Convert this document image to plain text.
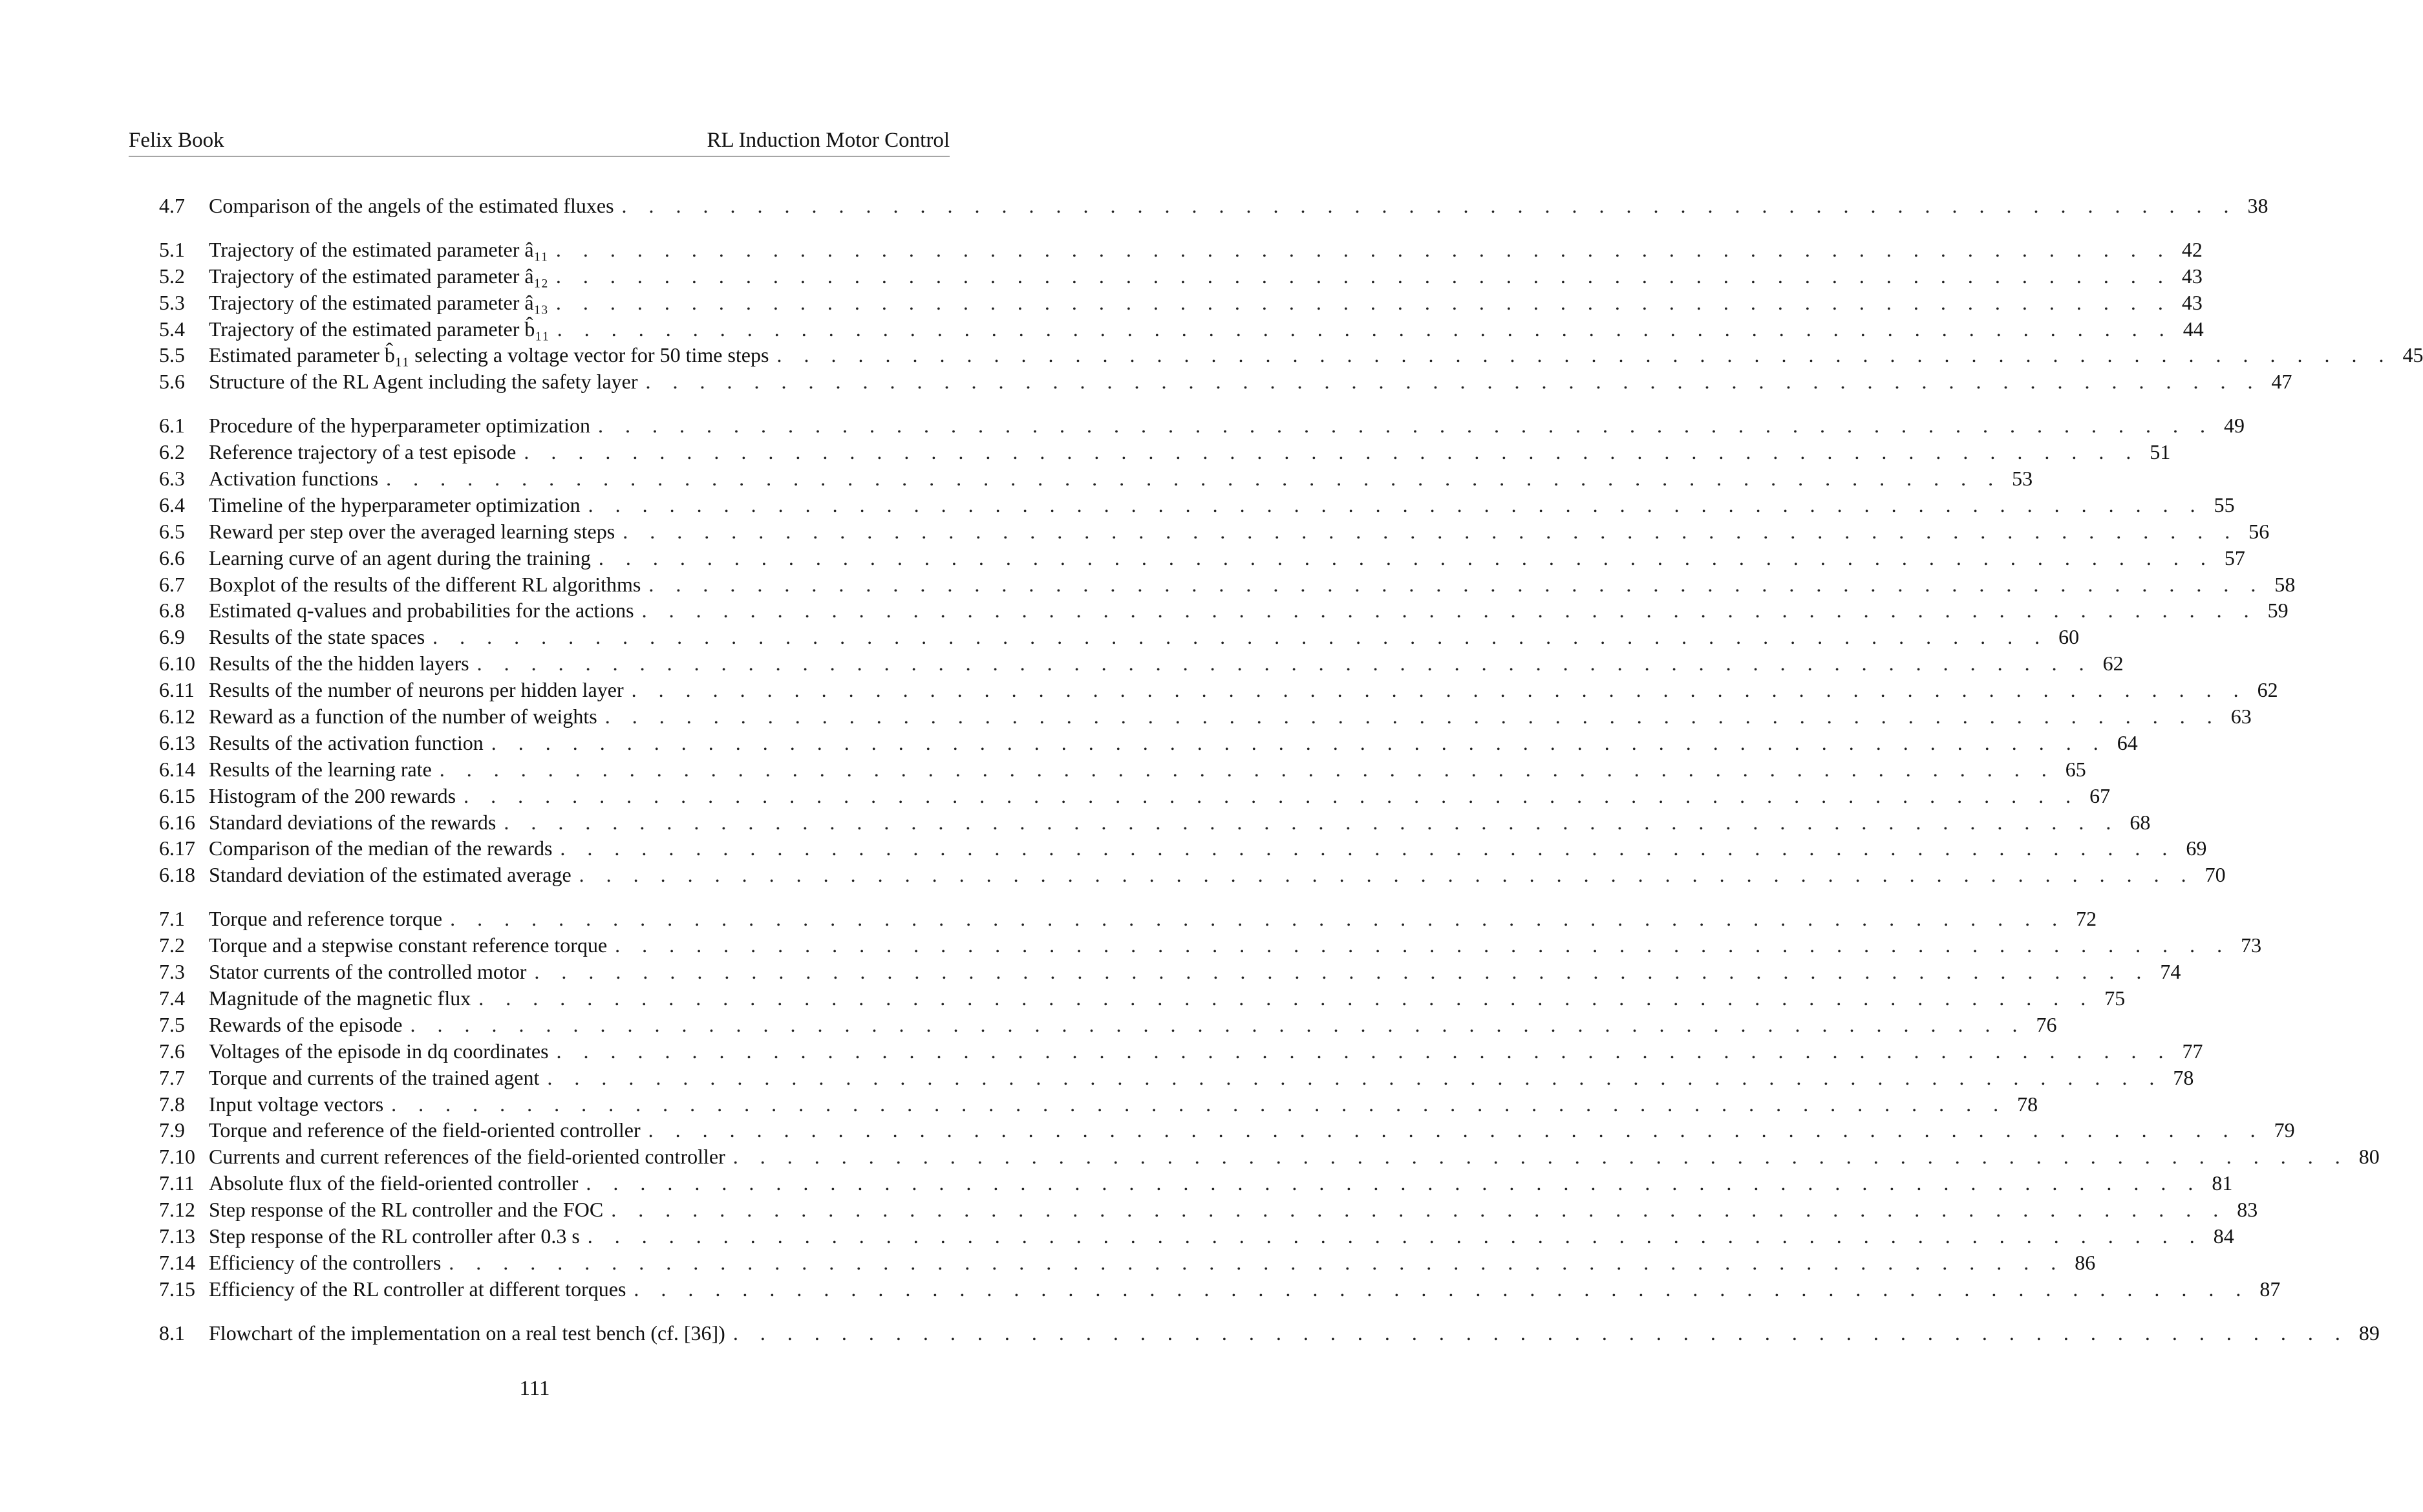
Felix Book	RL Induction Motor Control
4.7	Comparison of the angels of the estimated fluxes . . . . . . . . . . . . . . . . . . . . . . . . . . . . . . . . . . . . . . . . . . . . . . . . . . . . . . . . . . . . 38
5.1	Trajectory of the estimated parameter â₁₁ . . . . . . . . . . . . . . . . . . . . . . . . . . . . . . . . . . . . . . . . . . . . . . . . . . . . . . . . . . . . 42
5.2	Trajectory of the estimated parameter â₁₂ . . . . . . . . . . . . . . . . . . . . . . . . . . . . . . . . . . . . . . . . . . . . . . . . . . . . . . . . . . . . 43
5.3	Trajectory of the estimated parameter â₁₃ . . . . . . . . . . . . . . . . . . . . . . . . . . . . . . . . . . . . . . . . . . . . . . . . . . . . . . . . . . . . 43
5.4	Trajectory of the estimated parameter b̂₁₁ . . . . . . . . . . . . . . . . . . . . . . . . . . . . . . . . . . . . . . . . . . . . . . . . . . . . . . . . . . . . 44
5.5	Estimated parameter b̂₁₁ selecting a voltage vector for 50 time steps . . . . . . . . . . . . . . . . . . . . . . . . . . . . . . . . . . . . . . . . . . . . . . . . . . . . . . . . . . . . 45
5.6	Structure of the RL Agent including the safety layer . . . . . . . . . . . . . . . . . . . . . . . . . . . . . . . . . . . . . . . . . . . . . . . . . . . . . . . . . . . . 47
6.1	Procedure of the hyperparameter optimization . . . . . . . . . . . . . . . . . . . . . . . . . . . . . . . . . . . . . . . . . . . . . . . . . . . . . . . . . . . . 49
6.2	Reference trajectory of a test episode . . . . . . . . . . . . . . . . . . . . . . . . . . . . . . . . . . . . . . . . . . . . . . . . . . . . . . . . . . . . 51
6.3	Activation functions . . . . . . . . . . . . . . . . . . . . . . . . . . . . . . . . . . . . . . . . . . . . . . . . . . . . . . . . . . . . 53
6.4	Timeline of the hyperparameter optimization . . . . . . . . . . . . . . . . . . . . . . . . . . . . . . . . . . . . . . . . . . . . . . . . . . . . . . . . . . . . 55
6.5	Reward per step over the averaged learning steps . . . . . . . . . . . . . . . . . . . . . . . . . . . . . . . . . . . . . . . . . . . . . . . . . . . . . . . . . . . . 56
6.6	Learning curve of an agent during the training . . . . . . . . . . . . . . . . . . . . . . . . . . . . . . . . . . . . . . . . . . . . . . . . . . . . . . . . . . . . 57
6.7	Boxplot of the results of the different RL algorithms . . . . . . . . . . . . . . . . . . . . . . . . . . . . . . . . . . . . . . . . . . . . . . . . . . . . . . . . . . . . 58
6.8	Estimated q-values and probabilities for the actions . . . . . . . . . . . . . . . . . . . . . . . . . . . . . . . . . . . . . . . . . . . . . . . . . . . . . . . . . . . . 59
6.9	Results of the state spaces . . . . . . . . . . . . . . . . . . . . . . . . . . . . . . . . . . . . . . . . . . . . . . . . . . . . . . . . . . . . 60
6.10 Results of the the hidden layers . . . . . . . . . . . . . . . . . . . . . . . . . . . . . . . . . . . . . . . . . . . . . . . . . . . . . . . . . . . . 62
6.11 Results of the number of neurons per hidden layer . . . . . . . . . . . . . . . . . . . . . . . . . . . . . . . . . . . . . . . . . . . . . . . . . . . . . . . . . . . . 62
6.12 Reward as a function of the number of weights . . . . . . . . . . . . . . . . . . . . . . . . . . . . . . . . . . . . . . . . . . . . . . . . . . . . . . . . . . . . 63
6.13 Results of the activation function . . . . . . . . . . . . . . . . . . . . . . . . . . . . . . . . . . . . . . . . . . . . . . . . . . . . . . . . . . . . 64
6.14 Results of the learning rate . . . . . . . . . . . . . . . . . . . . . . . . . . . . . . . . . . . . . . . . . . . . . . . . . . . . . . . . . . . . 65
6.15 Histogram of the 200 rewards . . . . . . . . . . . . . . . . . . . . . . . . . . . . . . . . . . . . . . . . . . . . . . . . . . . . . . . . . . . . 67
6.16 Standard deviations of the rewards . . . . . . . . . . . . . . . . . . . . . . . . . . . . . . . . . . . . . . . . . . . . . . . . . . . . . . . . . . . . 68
6.17 Comparison of the median of the rewards . . . . . . . . . . . . . . . . . . . . . . . . . . . . . . . . . . . . . . . . . . . . . . . . . . . . . . . . . . . . 69
6.18 Standard deviation of the estimated average . . . . . . . . . . . . . . . . . . . . . . . . . . . . . . . . . . . . . . . . . . . . . . . . . . . . . . . . . . . . 70
7.1	Torque and reference torque . . . . . . . . . . . . . . . . . . . . . . . . . . . . . . . . . . . . . . . . . . . . . . . . . . . . . . . . . . . . 72
7.2	Torque and a stepwise constant reference torque . . . . . . . . . . . . . . . . . . . . . . . . . . . . . . . . . . . . . . . . . . . . . . . . . . . . . . . . . . . . 73
7.3	Stator currents of the controlled motor . . . . . . . . . . . . . . . . . . . . . . . . . . . . . . . . . . . . . . . . . . . . . . . . . . . . . . . . . . . . 74
7.4	Magnitude of the magnetic flux . . . . . . . . . . . . . . . . . . . . . . . . . . . . . . . . . . . . . . . . . . . . . . . . . . . . . . . . . . . . 75
7.5	Rewards of the episode . . . . . . . . . . . . . . . . . . . . . . . . . . . . . . . . . . . . . . . . . . . . . . . . . . . . . . . . . . . . 76
7.6	Voltages of the episode in dq coordinates . . . . . . . . . . . . . . . . . . . . . . . . . . . . . . . . . . . . . . . . . . . . . . . . . . . . . . . . . . . . 77
7.7	Torque and currents of the trained agent . . . . . . . . . . . . . . . . . . . . . . . . . . . . . . . . . . . . . . . . . . . . . . . . . . . . . . . . . . . . 78
7.8	Input voltage vectors . . . . . . . . . . . . . . . . . . . . . . . . . . . . . . . . . . . . . . . . . . . . . . . . . . . . . . . . . . . . 78
7.9	Torque and reference of the field-oriented controller . . . . . . . . . . . . . . . . . . . . . . . . . . . . . . . . . . . . . . . . . . . . . . . . . . . . . . . . . . . . 79
7.10 Currents and current references of the field-oriented controller . . . . . . . . . . . . . . . . . . . . . . . . . . . . . . . . . . . . . . . . . . . . . . . . . . . . . . . . . . . . 80
7.11 Absolute flux of the field-oriented controller . . . . . . . . . . . . . . . . . . . . . . . . . . . . . . . . . . . . . . . . . . . . . . . . . . . . . . . . . . . . 81
7.12 Step response of the RL controller and the FOC . . . . . . . . . . . . . . . . . . . . . . . . . . . . . . . . . . . . . . . . . . . . . . . . . . . . . . . . . . . . 83
7.13 Step response of the RL controller after 0.3 s . . . . . . . . . . . . . . . . . . . . . . . . . . . . . . . . . . . . . . . . . . . . . . . . . . . . . . . . . . . . 84
7.14 Efficiency of the controllers . . . . . . . . . . . . . . . . . . . . . . . . . . . . . . . . . . . . . . . . . . . . . . . . . . . . . . . . . . . . 86
7.15 Efficiency of the RL controller at different torques . . . . . . . . . . . . . . . . . . . . . . . . . . . . . . . . . . . . . . . . . . . . . . . . . . . . . . . . . . . . 87
8.1	Flowchart of the implementation on a real test bench (cf. [36]) . . . . . . . . . . . . . . . . . . . . . . . . . . . . . . . . . . . . . . . . . . . . . . . . . . . . . . . . . . . . 89
111
